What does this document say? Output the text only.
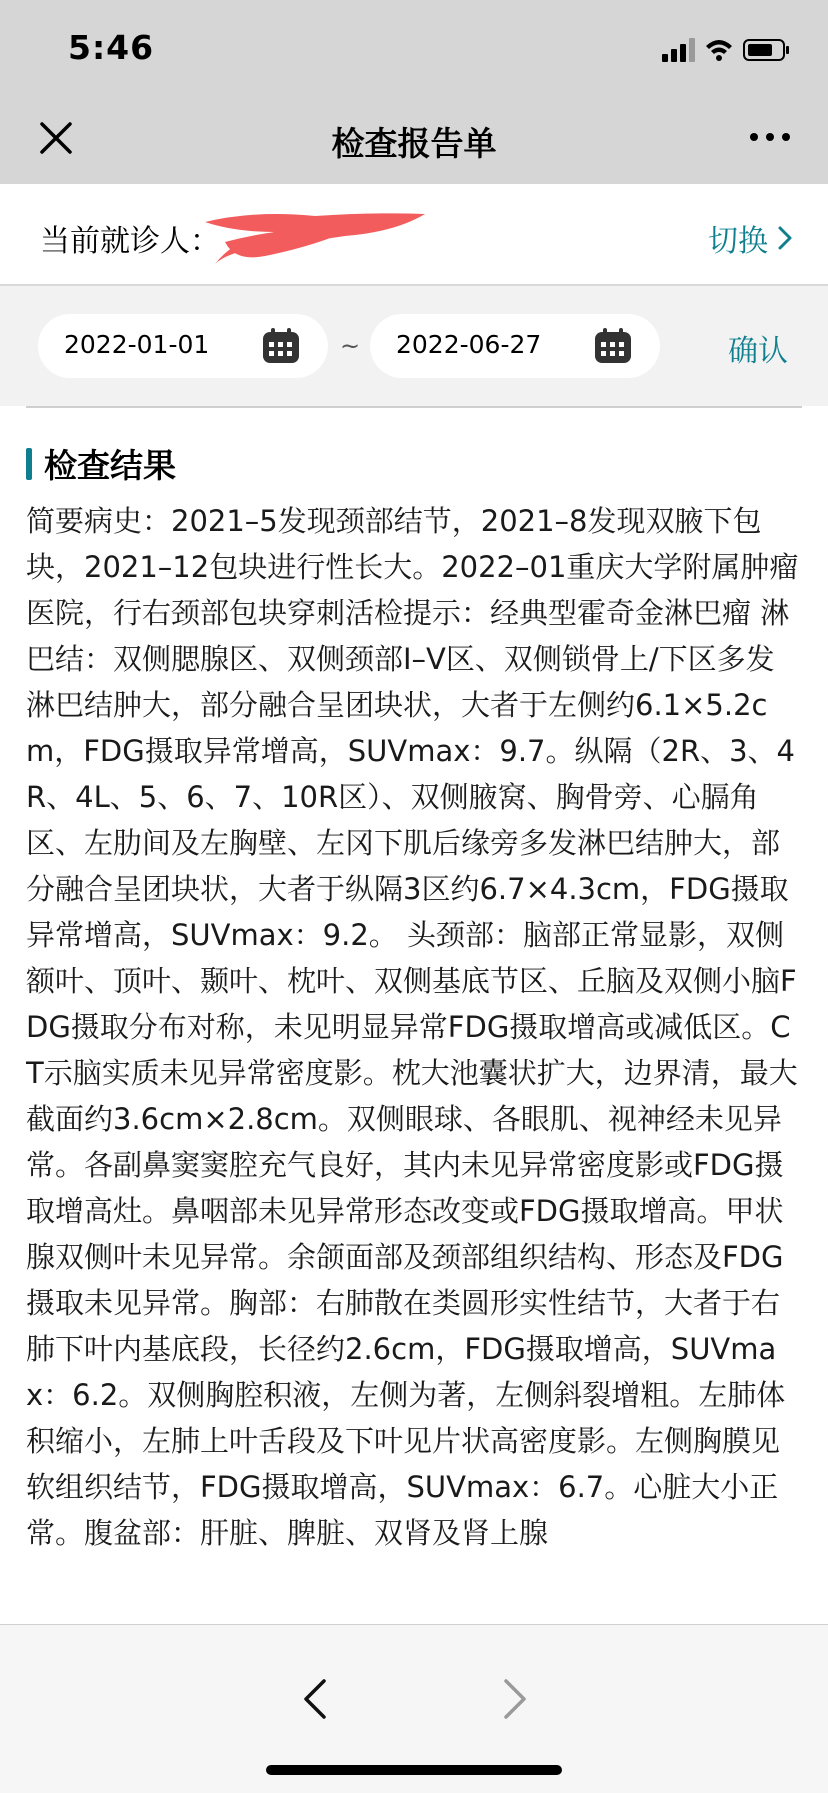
5:46
检查报告单
当前就诊人：	切换
2022-01-01	~ 2022-06-27	确认
检查结果
简要病史：2021–5发现颈部结节，2021–8发现双腋下包块，2021–12包块进行性长大。2022–01重庆大学附属肿瘤医院，行右颈部包块穿刺活检提示：经典型霍奇金淋巴瘤 淋巴结：双侧腮腺区、双侧颈部Ⅰ–Ⅴ区、双侧锁骨上/下区多发淋巴结肿大，部分融合呈团块状，大者于左侧约6.1×5.2cm，FDG摄取异常增高，SUVmax：9.7。纵隔（2R、3、4R、4L、5、6、7、10R区）、双侧腋窝、胸骨旁、心膈角区、左肋间及左胸壁、左冈下肌后缘旁多发淋巴结肿大，部分融合呈团块状，大者于纵隔3区约6.7×4.3cm，FDG摄取异常增高，SUVmax：9.2。 头颈部：脑部正常显影，双侧额叶、顶叶、颞叶、枕叶、双侧基底节区、丘脑及双侧小脑FDG摄取分布对称，未见明显异常FDG摄取增高或减低区。CT示脑实质未见异常密度影。枕大池囊状扩大，边界清，最大截面约3.6cm×2.8cm。双侧眼球、各眼肌、视神经未见异常。各副鼻窦窦腔充气良好，其内未见异常密度影或FDG摄取增高灶。鼻咽部未见异常形态改变或FDG摄取增高。甲状腺双侧叶未见异常。余颌面部及颈部组织结构、形态及FDG摄取未见异常。胸部：右肺散在类圆形实性结节，大者于右肺下叶内基底段，长径约2.6cm，FDG摄取增高，SUVmax：6.2。双侧胸腔积液，左侧为著，左侧斜裂增粗。左肺体积缩小，左肺上叶舌段及下叶见片状高密度影。左侧胸膜见软组织结节，FDG摄取增高，SUVmax：6.7。心脏大小正常。腹盆部：肝脏、脾脏、双肾及肾上腺
